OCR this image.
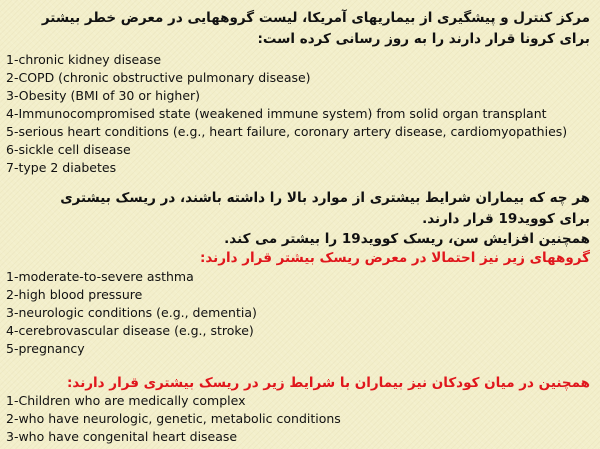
مرکز کنترل و پیشگیری از بیماریهای آمریکا، لیست گروههایی در معرض خطر بیشتر
برای کرونا قرار دارند را به روز رسانی کرده است:
1-chronic kidney disease
2-COPD (chronic obstructive pulmonary disease)
3-Obesity (BMI of 30 or higher)
4-Immunocompromised state (weakened immune system) from solid organ transplant
5-serious heart conditions (e.g., heart failure, coronary artery disease, cardiomyopathies)
6-sickle cell disease
7-type 2 diabetes
هر چه که بیماران شرایط بیشتری از موارد بالا را داشته باشند، در ریسک بیشتری
برای کووید19 قرار دارند.
همچنین افزایش سن، ریسک کووید19 را بیشتر می کند.
گروههای زیر نیز احتمالا در معرض ریسک بیشتر قرار دارند:
1-moderate-to-severe asthma
2-high blood pressure
3-neurologic conditions (e.g., dementia)
4-cerebrovascular disease (e.g., stroke)
5-pregnancy
همچنین در میان کودکان نیز بیماران با شرایط زیر در ریسک بیشتری قرار دارند:
1-Children who are medically complex
2-who have neurologic, genetic, metabolic conditions
3-who have congenital heart disease
